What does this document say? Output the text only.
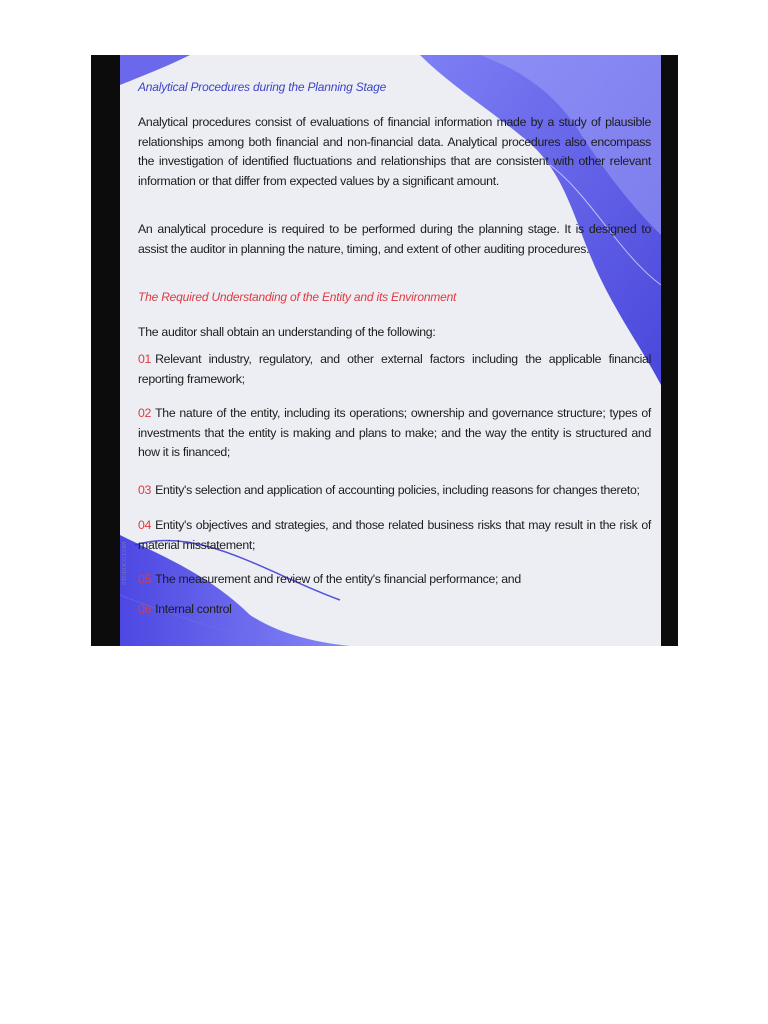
Analytical Procedures during the Planning Stage
Analytical procedures consist of evaluations of financial information made by a study of plausible relationships among both financial and non-financial data. Analytical procedures also encompass the investigation of identified fluctuations and relationships that are consistent with other relevant information or that differ from expected values by a significant amount.
An analytical procedure is required to be performed during the planning stage. It is designed to assist the auditor in planning the nature, timing, and extent of other auditing procedures.
The Required Understanding of the Entity and its Environment
The auditor shall obtain an understanding of the following:
01 Relevant industry, regulatory, and other external factors including the applicable financial reporting framework;
02 The nature of the entity, including its operations; ownership and governance structure; types of investments that the entity is making and plans to make; and the way the entity is structured and how it is financed;
03 Entity's selection and application of accounting policies, including reasons for changes thereto;
04 Entity's objectives and strategies, and those related business risks that may result in the risk of material misstatement;
05 The measurement and review of the entity's financial performance; and
06 Internal control
STUDOCU.COM
